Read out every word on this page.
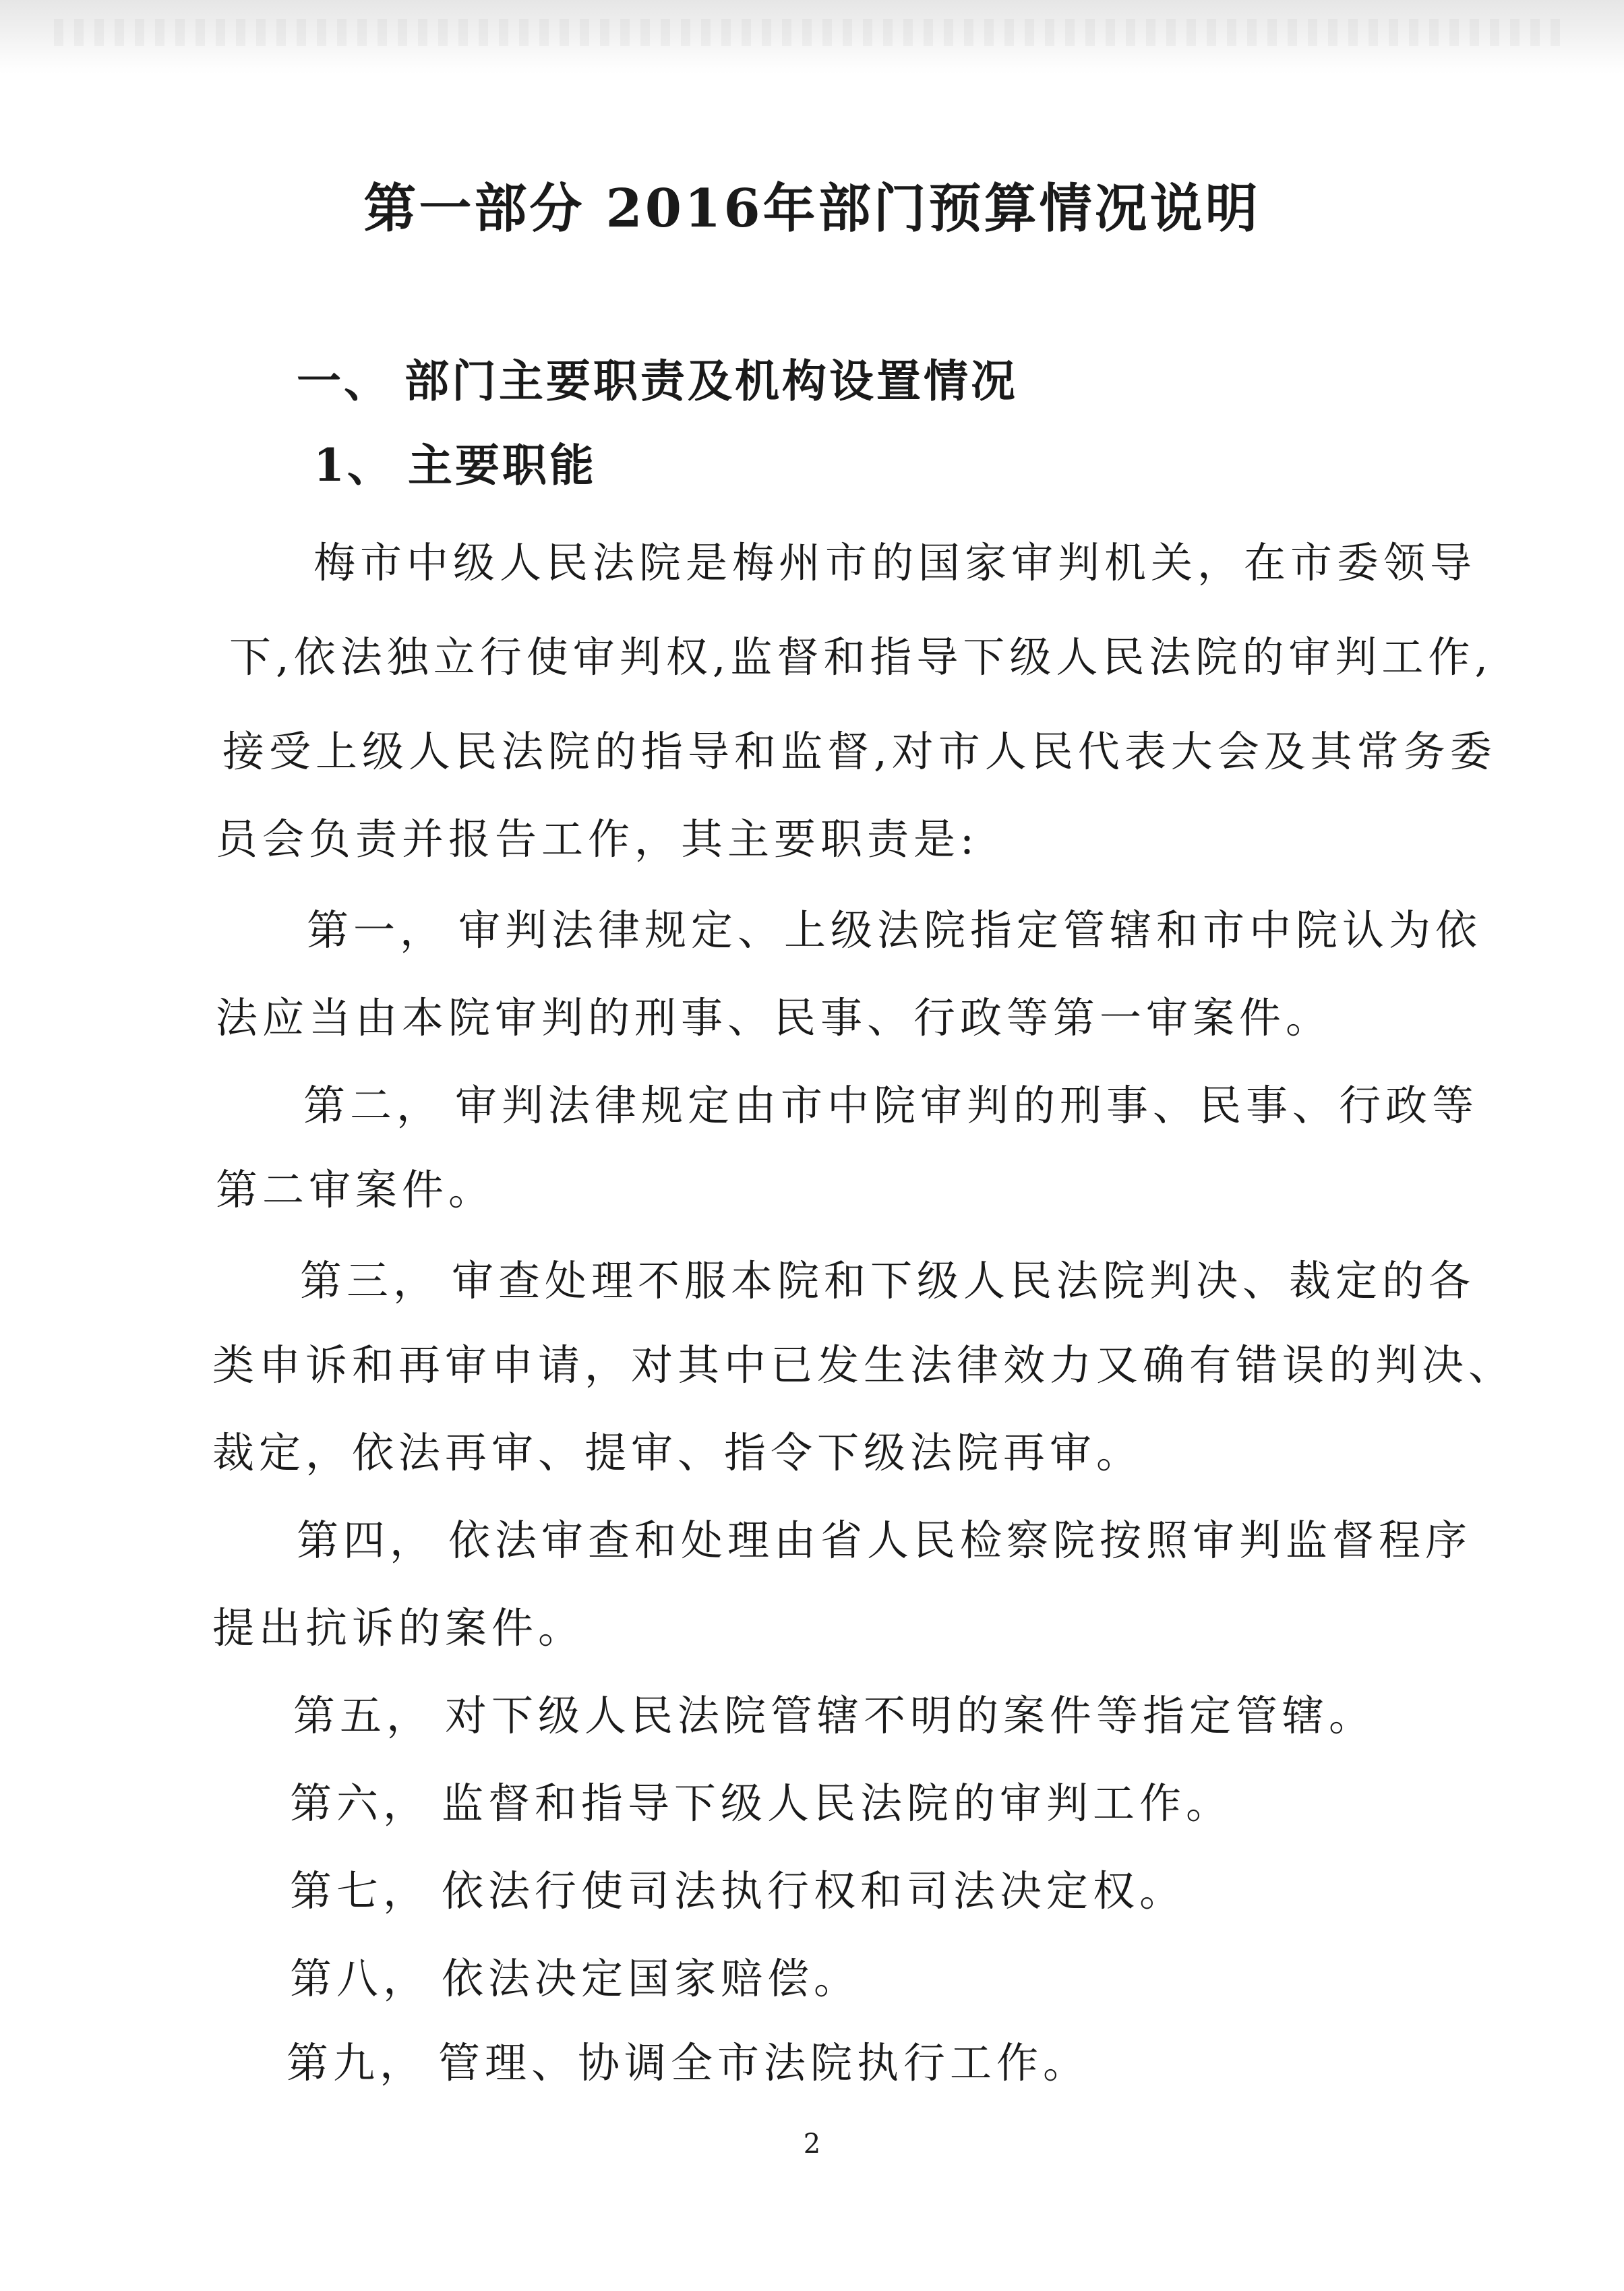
第一部分 2016年部门预算情况说明
一、 部门主要职责及机构设置情况
1、 主要职能

梅市中级人民法院是梅州市的国家审判机关，在市委领导

下,依法独立行使审判权,监督和指导下级人民法院的审判工作,

接受上级人民法院的指导和监督,对市人民代表大会及其常务委

员会负责并报告工作，其主要职责是:

第一， 审判法律规定、上级法院指定管辖和市中院认为依

法应当由本院审判的刑事、民事、行政等第一审案件。

第二， 审判法律规定由市中院审判的刑事、民事、行政等

第二审案件。

第三， 审查处理不服本院和下级人民法院判决、裁定的各

类申诉和再审申请，对其中已发生法律效力又确有错误的判决、

裁定，依法再审、提审、指令下级法院再审。

第四， 依法审查和处理由省人民检察院按照审判监督程序

提出抗诉的案件。

第五， 对下级人民法院管辖不明的案件等指定管辖。

第六， 监督和指导下级人民法院的审判工作。

第七， 依法行使司法执行权和司法决定权。

第八， 依法决定国家赔偿。

第九， 管理、协调全市法院执行工作。

2
